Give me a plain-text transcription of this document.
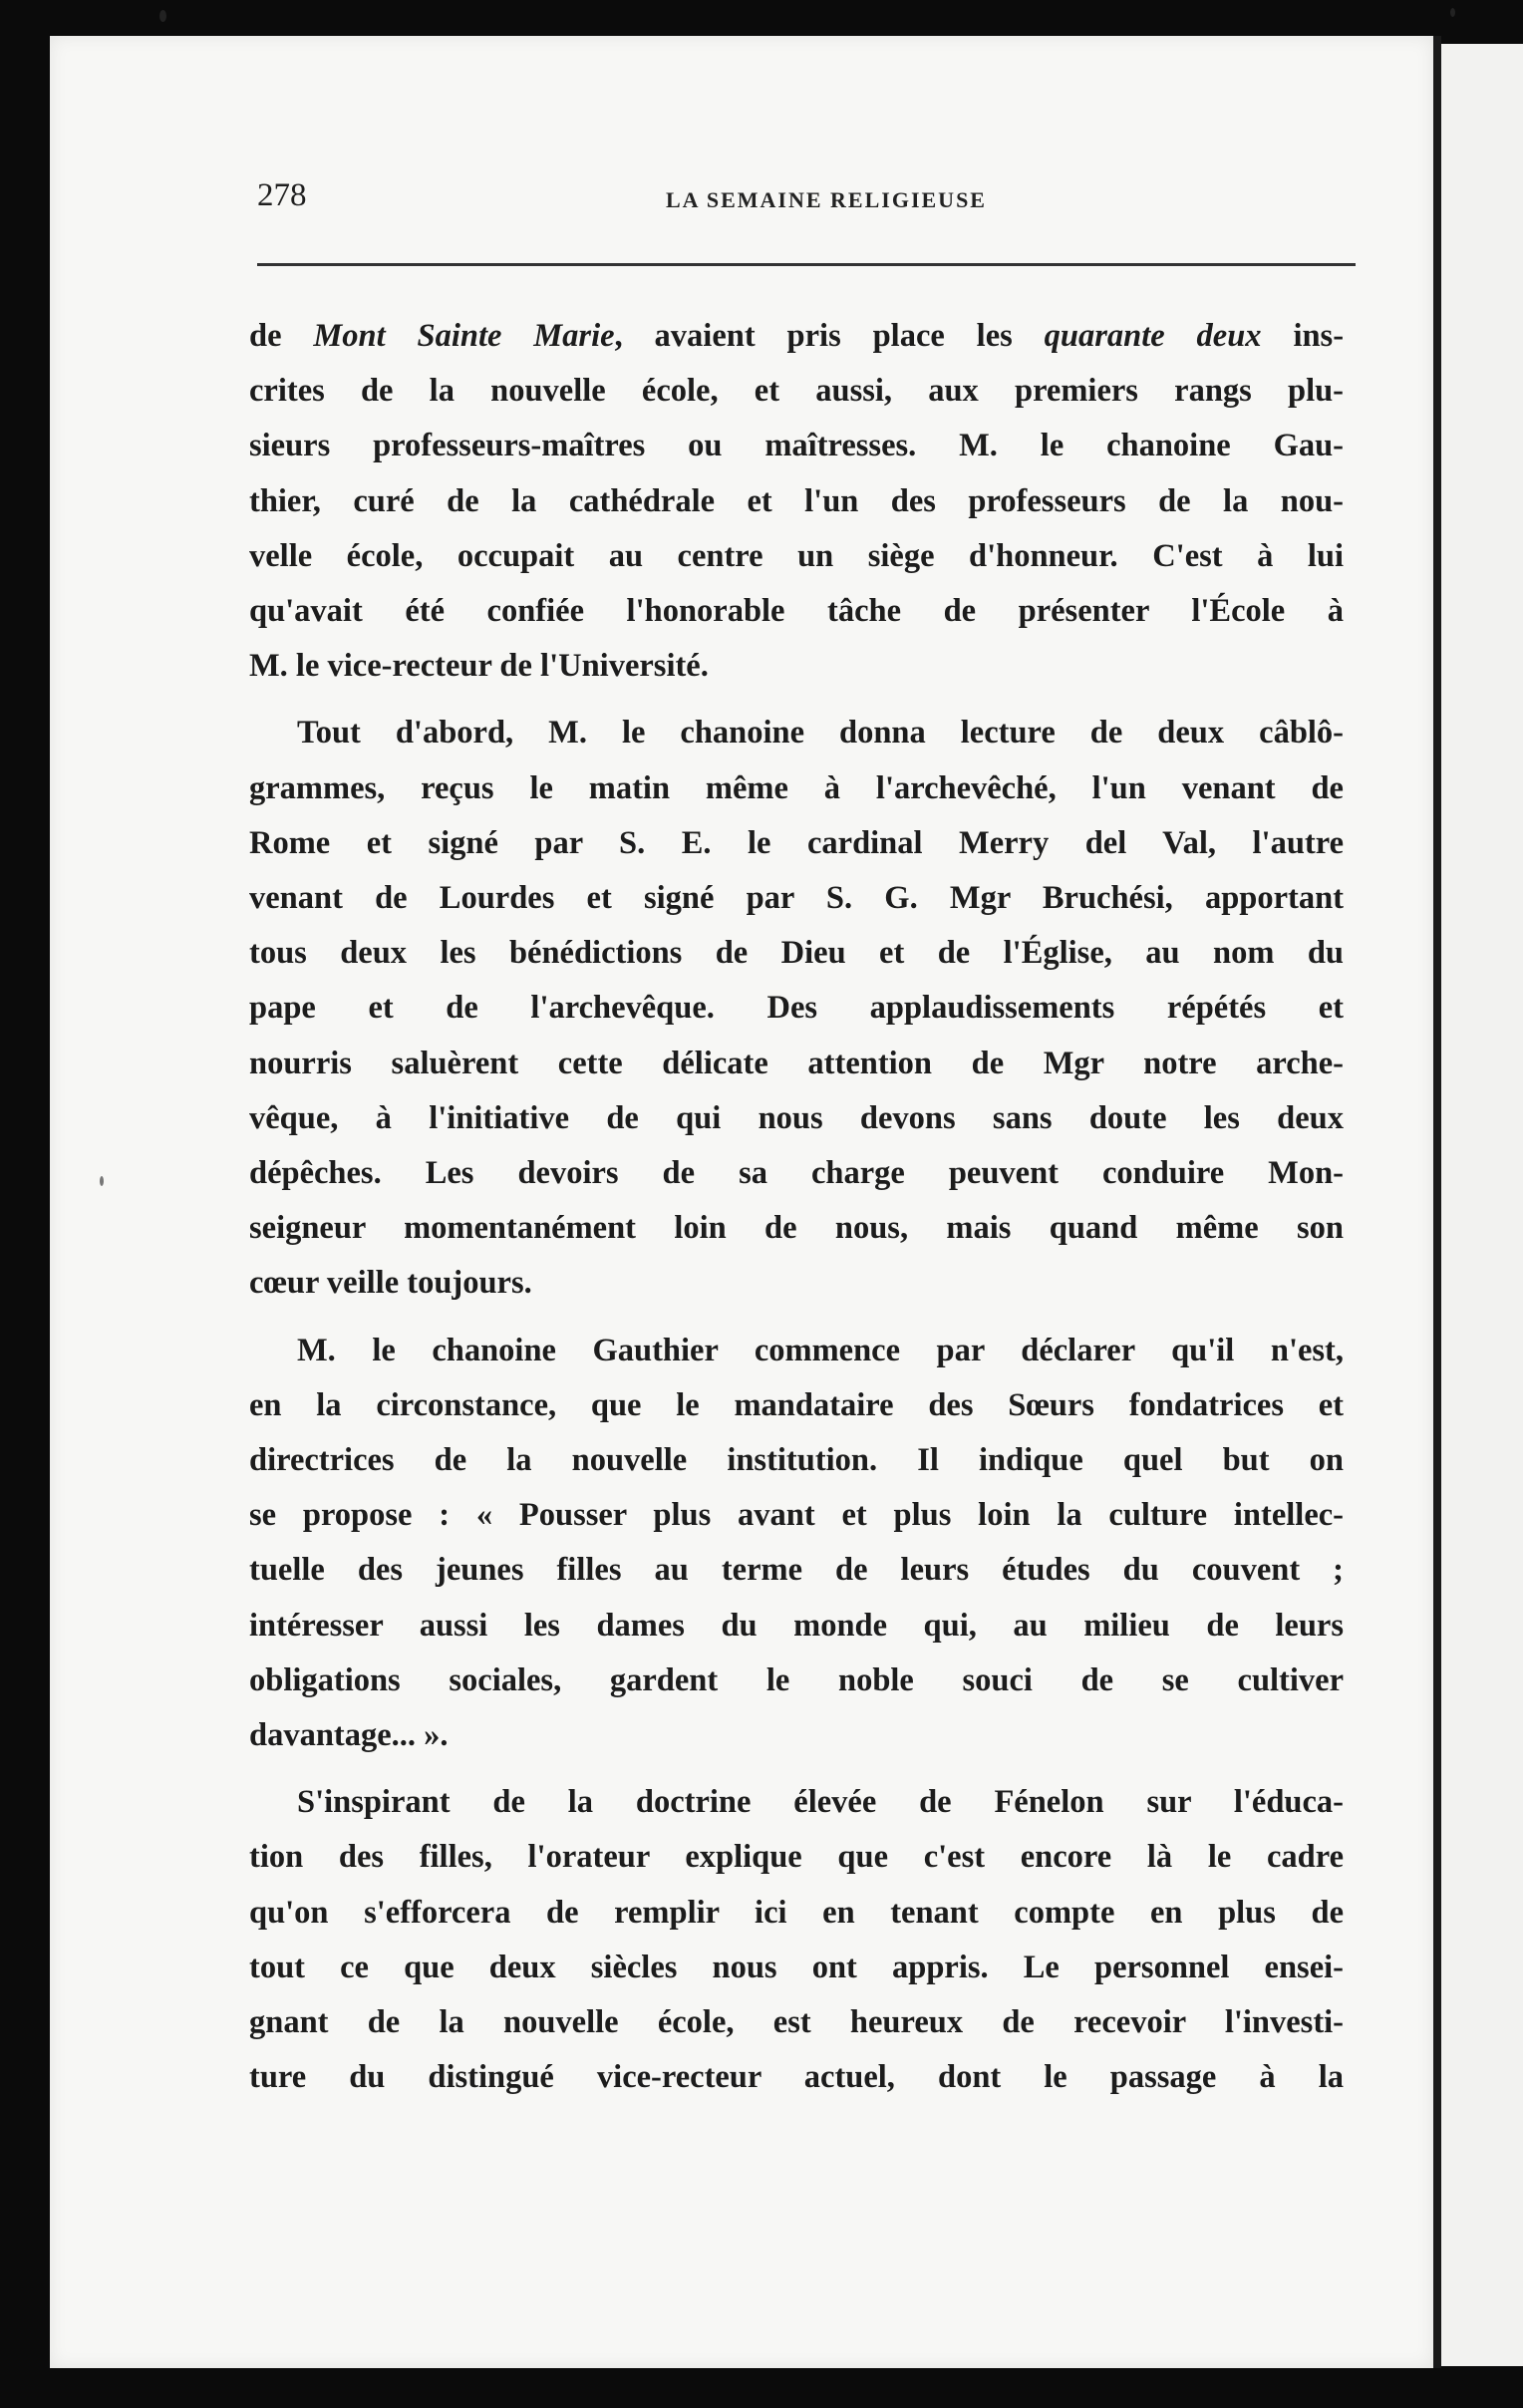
278	LA SEMAINE RELIGIEUSE
de Mont Sainte Marie, avaient pris place les quarante deux ins-
crites de la nouvelle école, et aussi, aux premiers rangs plu-
sieurs professeurs-maîtres ou maîtresses. M. le chanoine Gau-
thier, curé de la cathédrale et l'un des professeurs de la nou-
velle école, occupait au centre un siège d'honneur. C'est à lui
qu'avait été confiée l'honorable tâche de présenter l'École à
M. le vice-recteur de l'Université.
Tout d'abord, M. le chanoine donna lecture de deux câblô-
grammes, reçus le matin même à l'archevêché, l'un venant de
Rome et signé par S. E. le cardinal Merry del Val, l'autre
venant de Lourdes et signé par S. G. Mgr Bruchési, apportant
tous deux les bénédictions de Dieu et de l'Église, au nom du
pape et de l'archevêque. Des applaudissements répétés et
nourris saluèrent cette délicate attention de Mgr notre arche-
vêque, à l'initiative de qui nous devons sans doute les deux
dépêches. Les devoirs de sa charge peuvent conduire Mon-
seigneur momentanément loin de nous, mais quand même son
cœur veille toujours.
M. le chanoine Gauthier commence par déclarer qu'il n'est,
en la circonstance, que le mandataire des Sœurs fondatrices et
directrices de la nouvelle institution. Il indique quel but on
se propose : « Pousser plus avant et plus loin la culture intellec-
tuelle des jeunes filles au terme de leurs études du couvent ;
intéresser aussi les dames du monde qui, au milieu de leurs
obligations sociales, gardent le noble souci de se cultiver
davantage... ».
S'inspirant de la doctrine élevée de Fénelon sur l'éduca-
tion des filles, l'orateur explique que c'est encore là le cadre
qu'on s'efforcera de remplir ici en tenant compte en plus de
tout ce que deux siècles nous ont appris. Le personnel ensei-
gnant de la nouvelle école, est heureux de recevoir l'investi-
ture du distingué vice-recteur actuel, dont le passage à la
